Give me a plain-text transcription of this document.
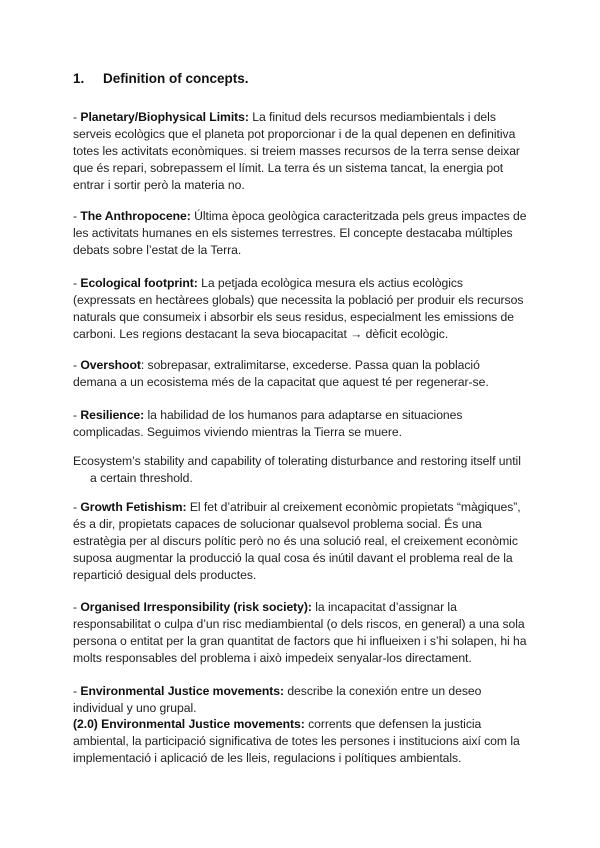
1. Definition of concepts.

- Planetary/Biophysical Limits: La finitud dels recursos mediambientals i dels
serveis ecològics que el planeta pot proporcionar i de la qual depenen en definitiva
totes les activitats econòmiques. si treiem masses recursos de la terra sense deixar
que és repari, sobrepassem el límit. La terra és un sistema tancat, la energia pot
entrar i sortir però la materia no.

- The Anthropocene: Última època geològica caracteritzada pels greus impactes de
les activitats humanes en els sistemes terrestres. El concepte destacaba múltiples
debats sobre l’estat de la Terra.

- Ecological footprint: La petjada ecològica mesura els actius ecològics
(expressats en hectàrees globals) que necessita la població per produir els recursos
naturals que consumeix i absorbir els seus residus, especialment les emissions de
carboni. Les regions destacant la seva biocapacitat → dèficit ecològic.

- Overshoot: sobrepasar, extralimitarse, excederse. Passa quan la població
demana a un ecosistema més de la capacitat que aquest té per regenerar-se.

- Resilience: la habilidad de los humanos para adaptarse en situaciones
complicadas. Seguimos viviendo mientras la Tierra se muere.

Ecosystem’s stability and capability of tolerating disturbance and restoring itself until
a certain threshold.

- Growth Fetishism: El fet d’atribuir al creixement econòmic propietats “màgiques”,
és a dir, propietats capaces de solucionar qualsevol problema social. És una
estratègia per al discurs polític però no és una solució real, el creixement econòmic
suposa augmentar la producció la qual cosa és inútil davant el problema real de la
repartició desigual dels productes.

- Organised Irresponsibility (risk society): la incapacitat d’assignar la
responsabilitat o culpa d’un risc mediambiental (o dels riscos, en general) a una sola
persona o entitat per la gran quantitat de factors que hi influeixen i s’hi solapen, hi ha
molts responsables del problema i això impedeix senyalar-los directament.

- Environmental Justice movements: describe la conexión entre un deseo
individual y uno grupal.

(2.0) Environmental Justice movements: corrents que defensen la justicia
ambiental, la participació significativa de totes les persones i institucions així com la
implementació i aplicació de les lleis, regulacions i polítiques ambientals.
